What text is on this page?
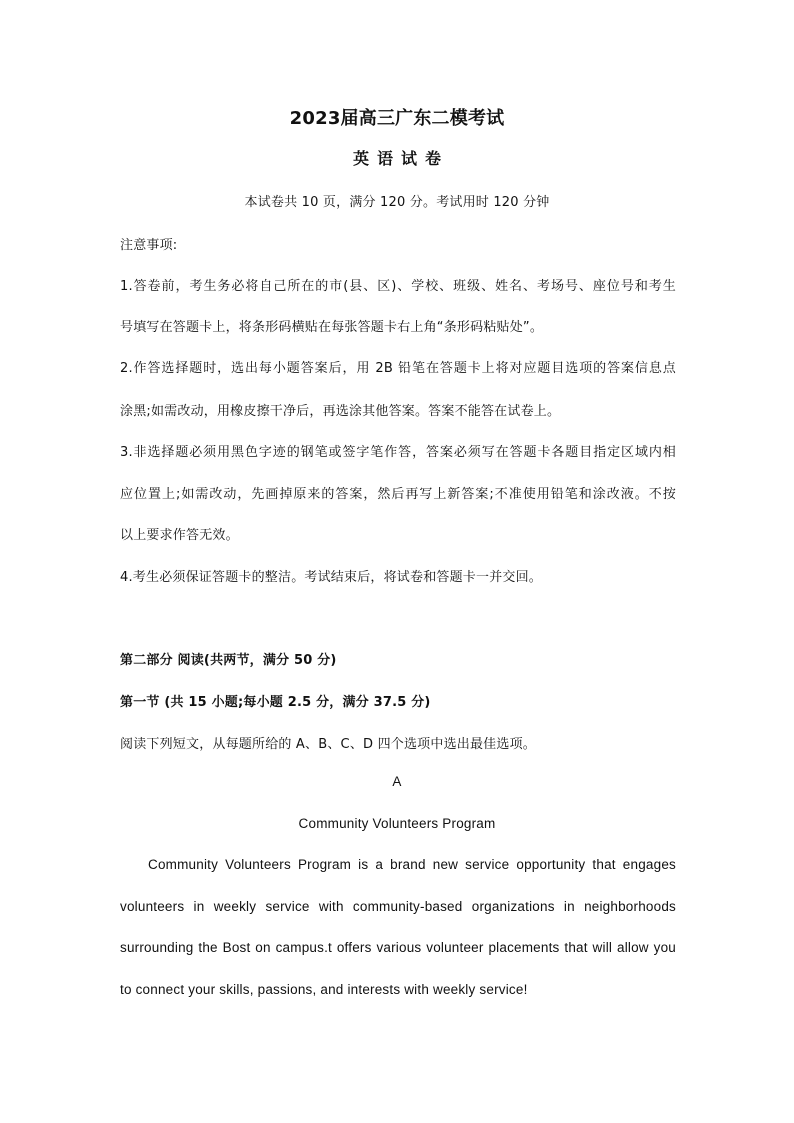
2023届高三广东二模考试
英语试卷
本试卷共 10 页，满分 120 分。考试用时 120 分钟
注意事项:
1.答卷前，考生务必将自己所在的市(县、区)、学校、班级、姓名、考场号、座位号和考生
号填写在答题卡上，将条形码横贴在每张答题卡右上角“条形码粘贴处”。
2.作答选择题时，选出每小题答案后，用 2B 铅笔在答题卡上将对应题目选项的答案信息点
涂黑;如需改动，用橡皮擦干净后，再选涂其他答案。答案不能答在试卷上。
3.非选择题必须用黑色字迹的钢笔或签字笔作答，答案必须写在答题卡各题目指定区域内相
应位置上;如需改动，先画掉原来的答案，然后再写上新答案;不准使用铅笔和涂改液。不按
以上要求作答无效。
4.考生必须保证答题卡的整洁。考试结束后，将试卷和答题卡一并交回。
第二部分 阅读(共两节，满分 50 分)
第一节 (共 15 小题;每小题 2.5 分，满分 37.5 分)
阅读下列短文，从每题所给的 A、B、C、D 四个选项中选出最佳选项。
A
Community Volunteers Program
Community Volunteers Program is a brand new service opportunity that engages
volunteers in weekly service with community-based organizations in neighborhoods
surrounding the Bost on campus.t offers various volunteer placements that will allow you
to connect your skills, passions, and interests with weekly service!
